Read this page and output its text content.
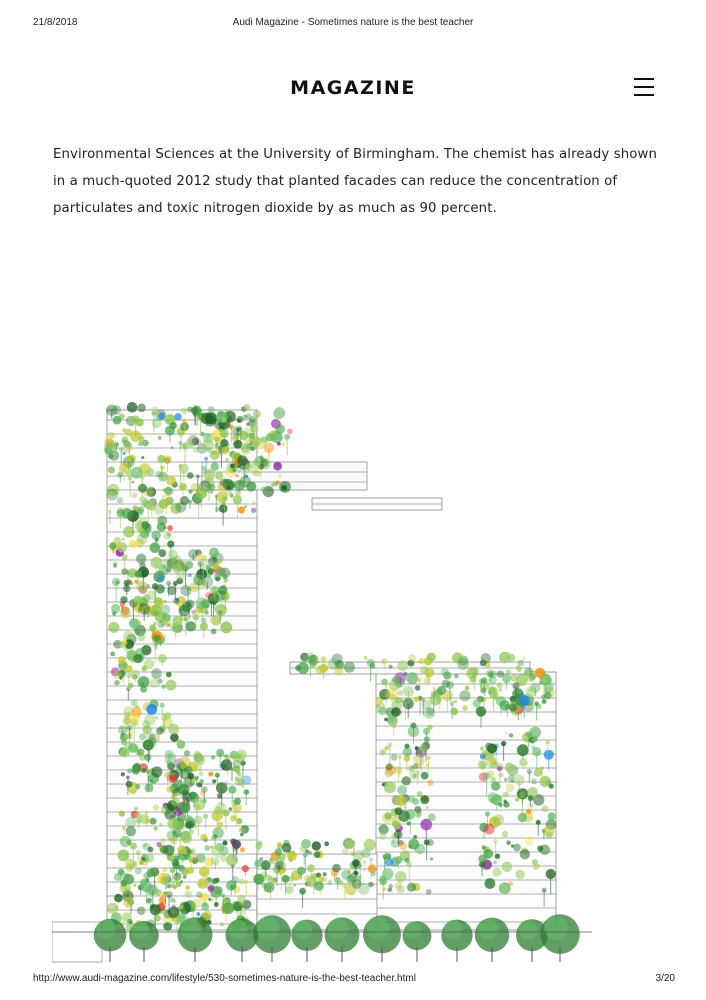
21/8/2018	Audi Magazine - Sometimes nature is the best teacher
MAGAZINE
Environmental Sciences at the University of Birmingham. The chemist has already shown in a much-quoted 2012 study that planted facades can reduce the concentration of particulates and toxic nitrogen dioxide by as much as 90 percent.
http://www.audi-magazine.com/lifestyle/530-sometimes-nature-is-the-best-teacher.html	3/20
